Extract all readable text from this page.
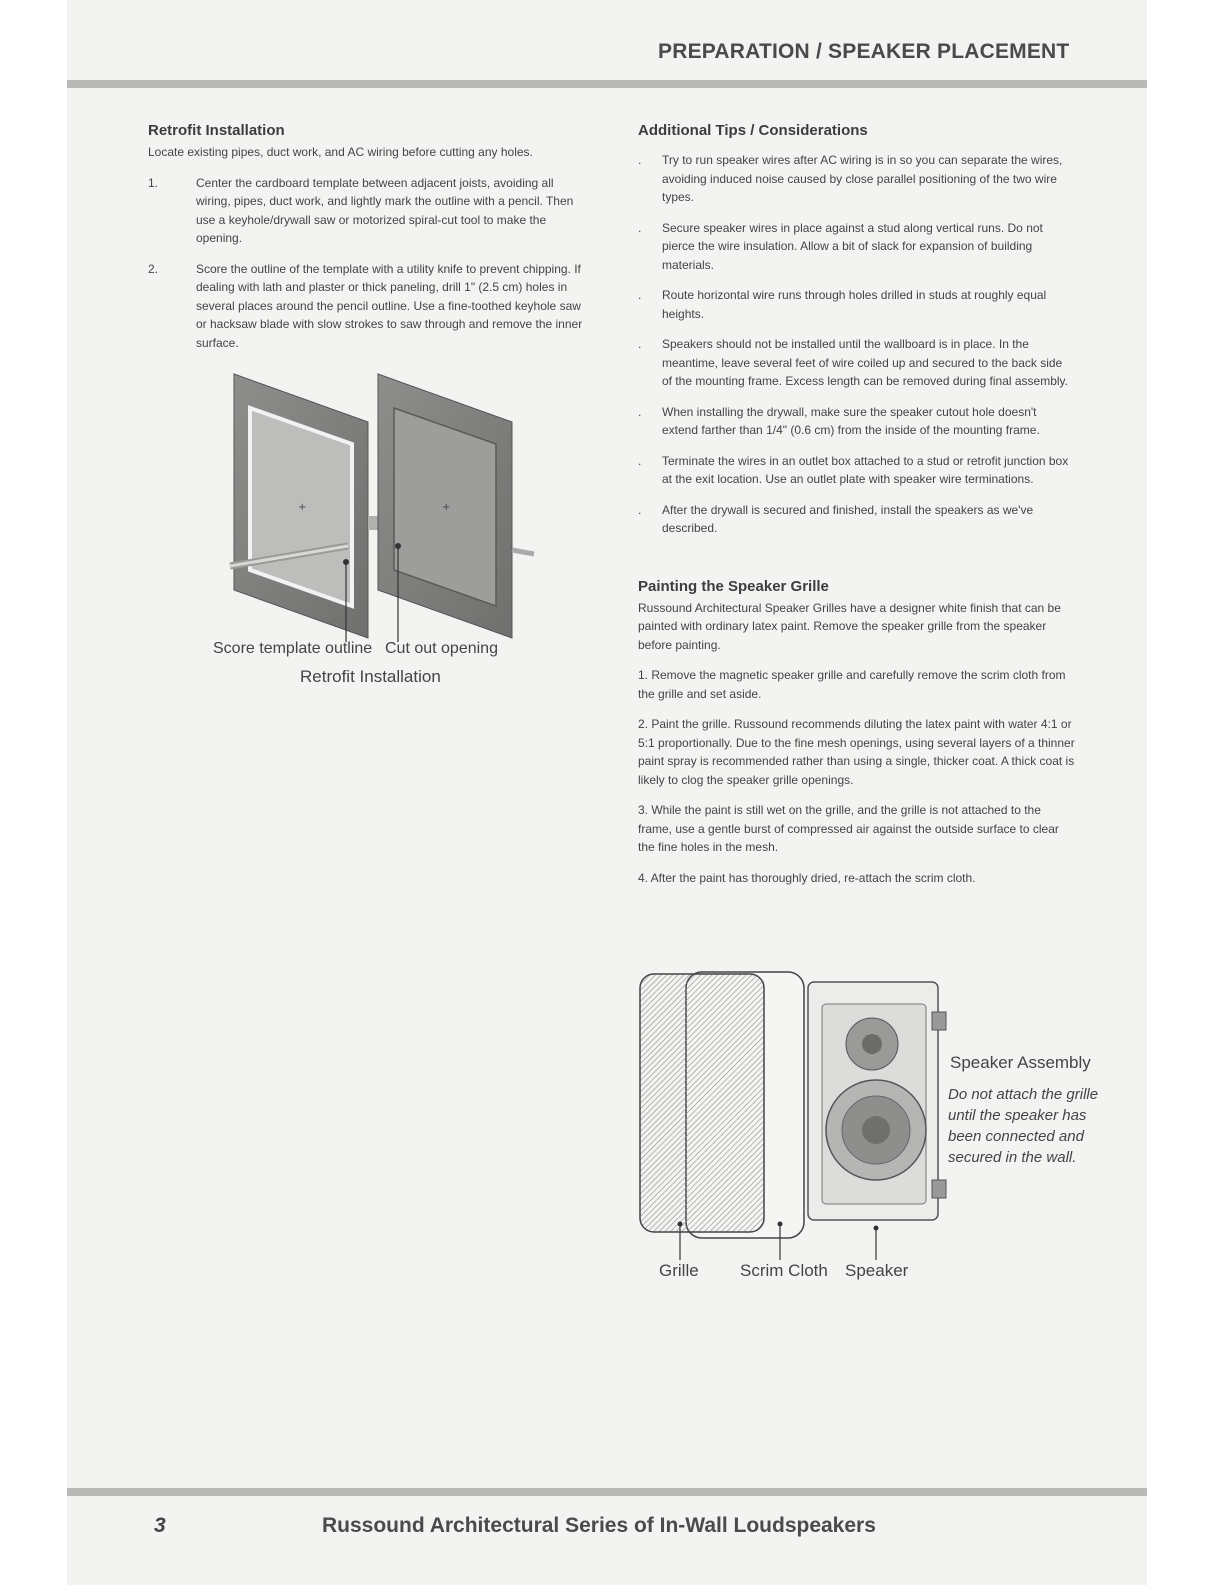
PREPARATION / SPEAKER PLACEMENT
Retrofit Installation

Locate existing pipes, duct work, and AC wiring before cutting any holes.

1.	Center the cardboard template between adjacent joists, avoiding all wiring, pipes, duct work, and lightly mark the outline with a pencil. Then use a keyhole/drywall saw or motorized spiral-cut tool to make the opening.
2.	Score the outline of the template with a utility knife to prevent chipping. If dealing with lath and plaster or thick paneling, drill 1" (2.5 cm) holes in several places around the pencil outline. Use a fine-toothed keyhole saw or hacksaw blade with slow strokes to saw through and remove the inner surface.
+	+
Score template outline Cut out opening
Retrofit Installation
Additional Tips / Considerations
.	Try to run speaker wires after AC wiring is in so you can separate the wires, avoiding induced noise caused by close parallel positioning of the two wire types.
.	Secure speaker wires in place against a stud along vertical runs. Do not pierce the wire insulation. Allow a bit of slack for expansion of building materials.
.	Route horizontal wire runs through holes drilled in studs at roughly equal heights.
.	Speakers should not be installed until the wallboard is in place. In the meantime, leave several feet of wire coiled up and secured to the back side of the mounting frame. Excess length can be removed during final assembly.
.	When installing the drywall, make sure the speaker cutout hole doesn't extend farther than 1/4" (0.6 cm) from the inside of the mounting frame.
.	Terminate the wires in an outlet box attached to a stud or retrofit junction box at the exit location. Use an outlet plate with speaker wire terminations.
.	After the drywall is secured and finished, install the speakers as we've described.
Painting the Speaker Grille

Russound Architectural Speaker Grilles have a designer white finish that can be painted with ordinary latex paint. Remove the speaker grille from the speaker before painting.

1. Remove the magnetic speaker grille and carefully remove the scrim cloth from the grille and set aside.

2. Paint the grille. Russound recommends diluting the latex paint with water 4:1 or 5:1 proportionally. Due to the fine mesh openings, using several layers of a thinner paint spray is recommended rather than using a single, thicker coat. A thick coat is likely to clog the speaker grille openings.

3. While the paint is still wet on the grille, and the grille is not attached to the frame, use a gentle burst of compressed air against the outside surface to clear the fine holes in the mesh.

4. After the paint has thoroughly dried, re-attach the scrim cloth.

Speaker Assembly
Do not attach the grille until the speaker has been connected and secured in the wall.
Grille Scrim Cloth Speaker
3	Russound Architectural Series of In-Wall Loudspeakers
